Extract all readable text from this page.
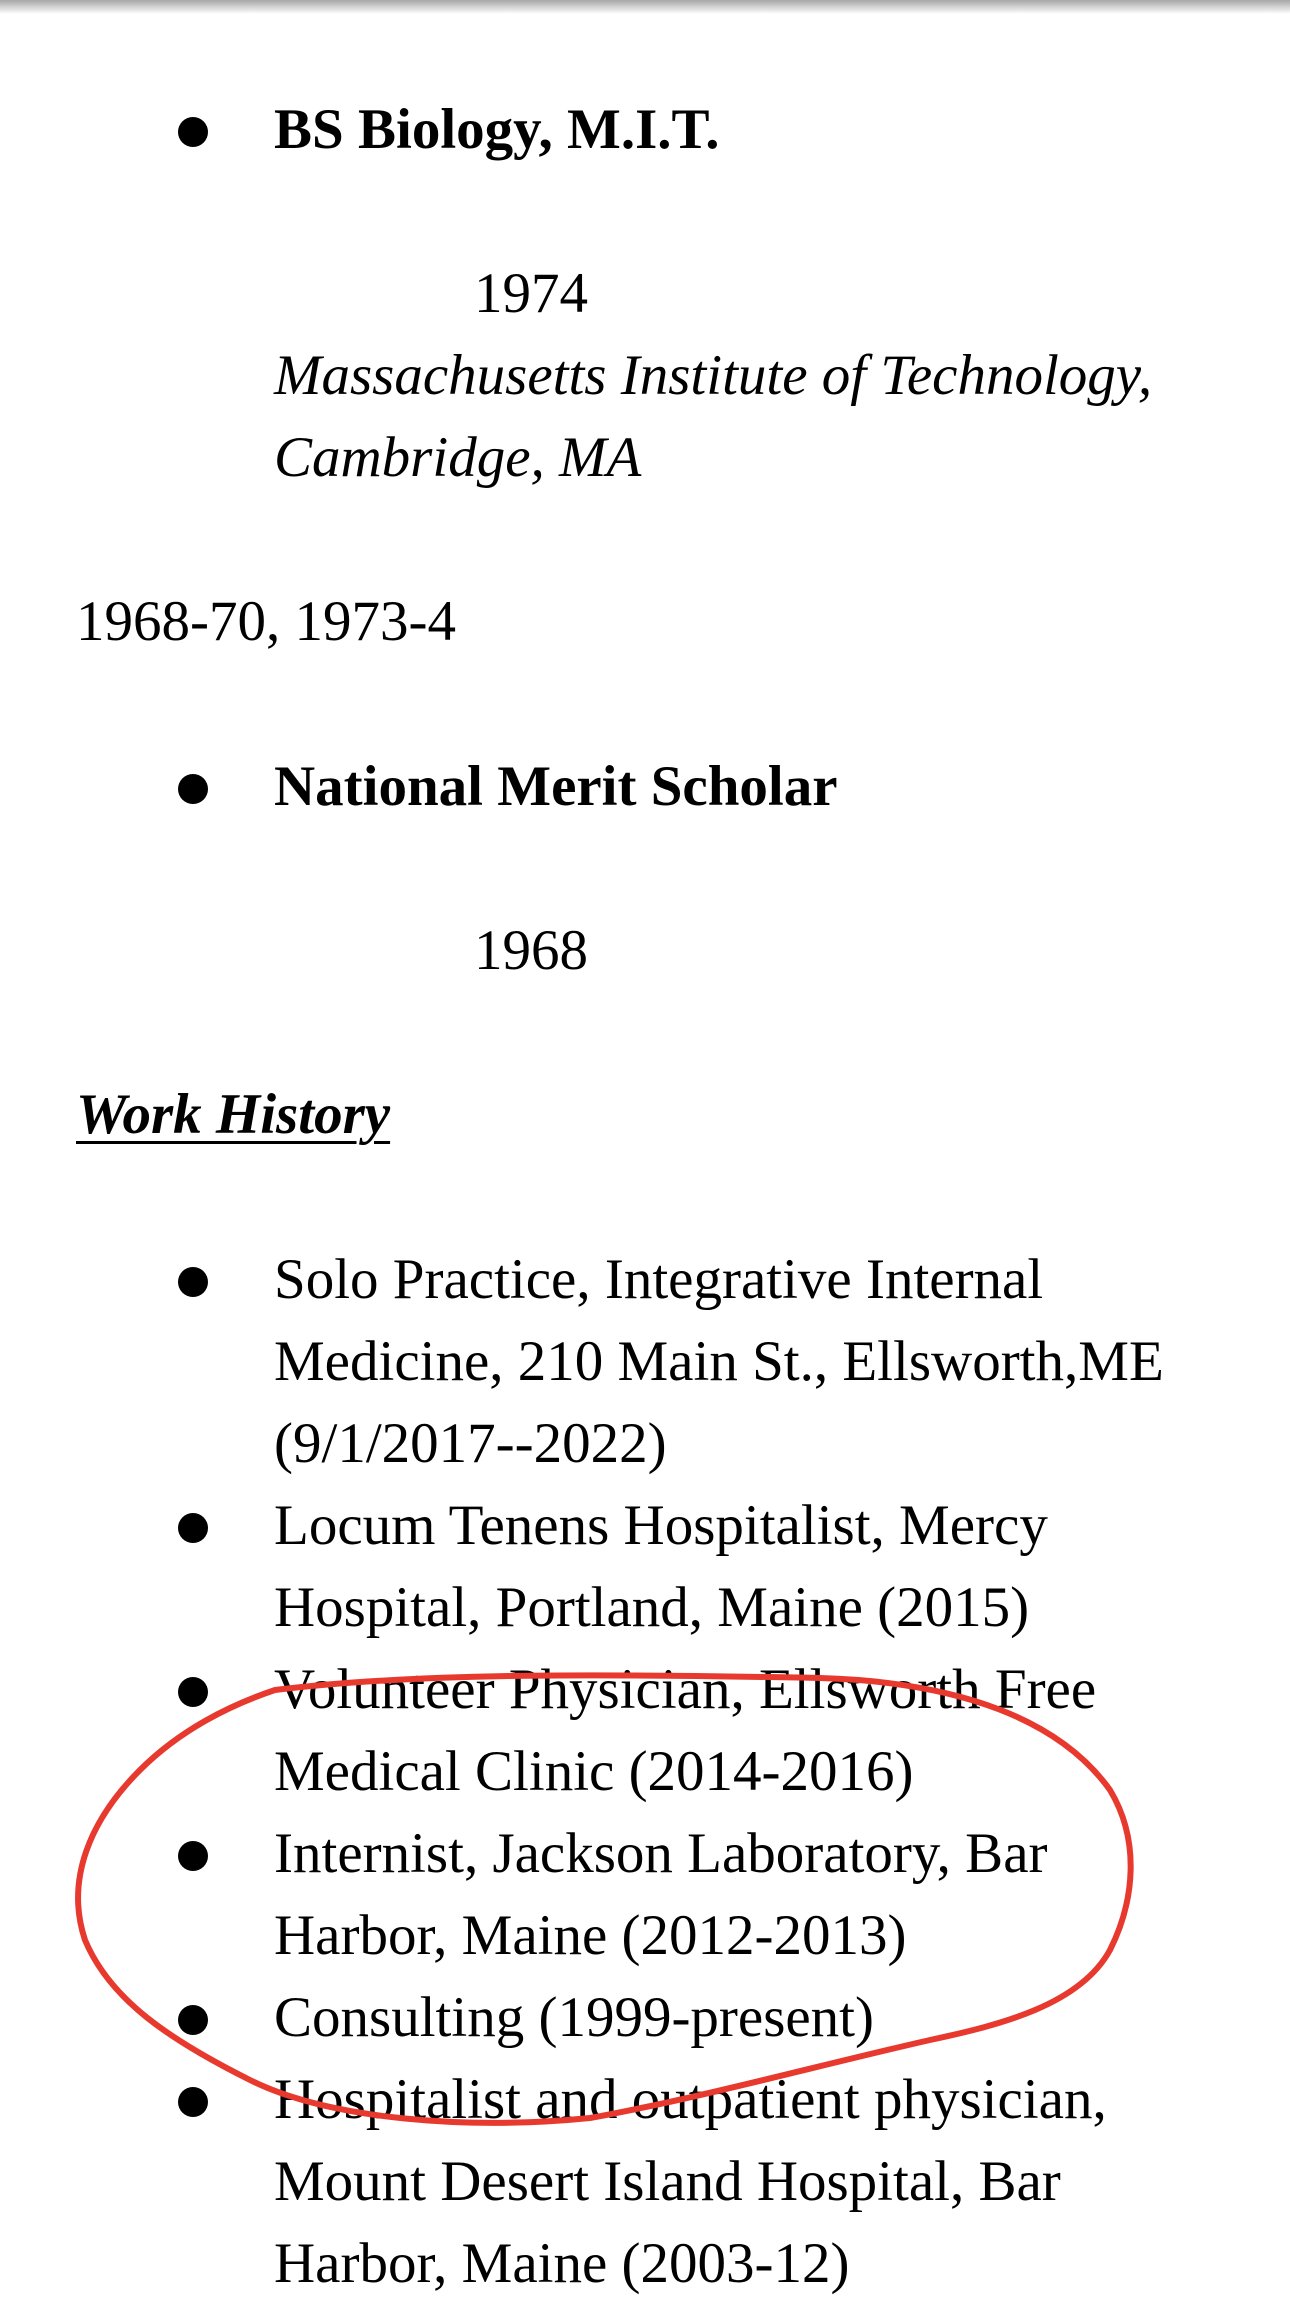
BS Biology, M.I.T.
1974
Massachusetts Institute of Technology,
Cambridge, MA
1968-70, 1973-4
National Merit Scholar
1968
Work History
Solo Practice, Integrative Internal
Medicine, 210 Main St., Ellsworth,ME
(9/1/2017--2022)
Locum Tenens Hospitalist, Mercy
Hospital, Portland, Maine (2015)
Volunteer Physician, Ellsworth Free
Medical Clinic (2014-2016)
Internist, Jackson Laboratory, Bar
Harbor, Maine (2012-2013)
Consulting (1999-present)
Hospitalist and outpatient physician,
Mount Desert Island Hospital, Bar
Harbor, Maine (2003-12)
